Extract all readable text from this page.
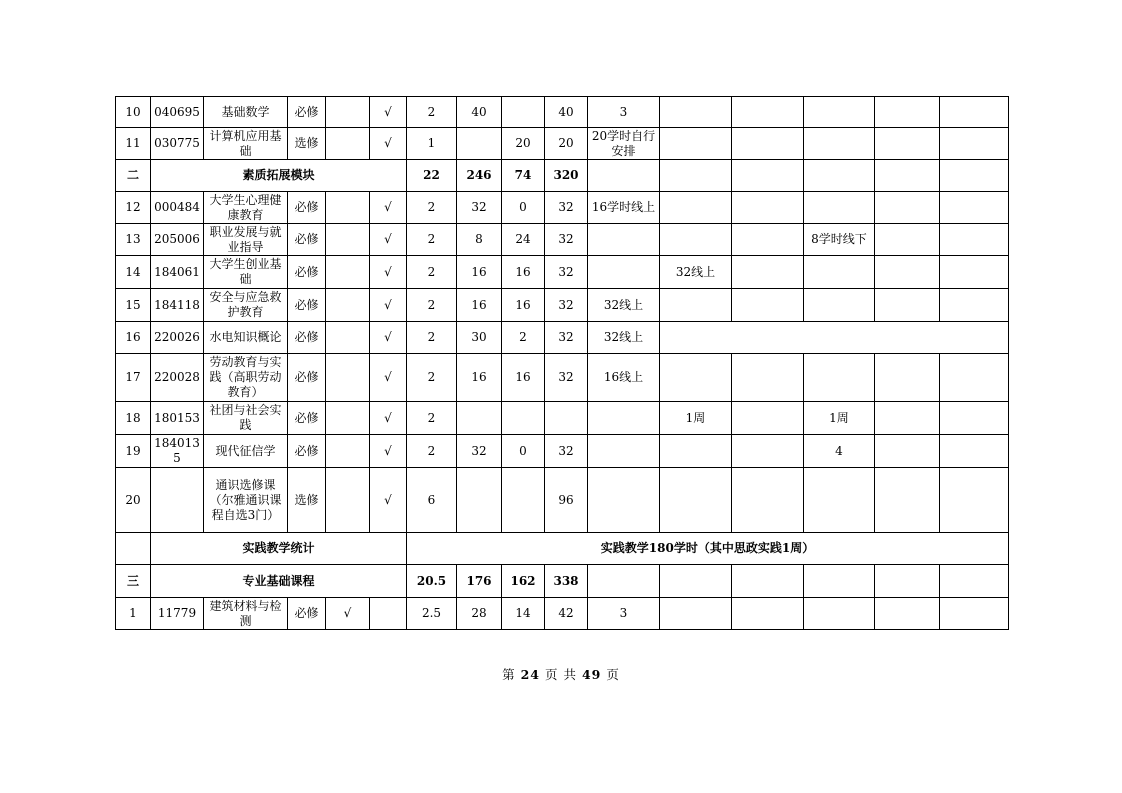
10	040695	基础数学	必修		√	2	40		40	3					
11	030775	计算机应用基础	选修		√	1		20	20	20学时自行安排					
二	素质拓展模块					22	246	74	320						
12	000484	大学生心理健康教育	必修		√	2	32	0	32	16学时线上					
13	205006	职业发展与就业指导	必修		√	2	8	24	32				8学时线下		
14	184061	大学生创业基础	必修		√	2	16	16	32		32线上				
15	184118	安全与应急救护教育	必修		√	2	16	16	32	32线上					
16	220026	水电知识概论	必修		√	2	30	2	32	32线上					
17	220028	劳动教育与实践（高职劳动教育）	必修		√	2	16	16	32	16线上					
18	180153	社团与社会实践	必修		√	2					1周		1周		
19	1840135	现代征信学	必修		√	2	32	0	32				4		
20		通识选修课（尔雅通识课程自选3门）	选修		√	6			96						
	实践教学统计					实践教学180学时（其中思政实践1周）									
三	专业基础课程					20.5	176	162	338						
1	11779	建筑材料与检测	必修	√		2.5	28	14	42	3					
第 24 页 共 49 页
